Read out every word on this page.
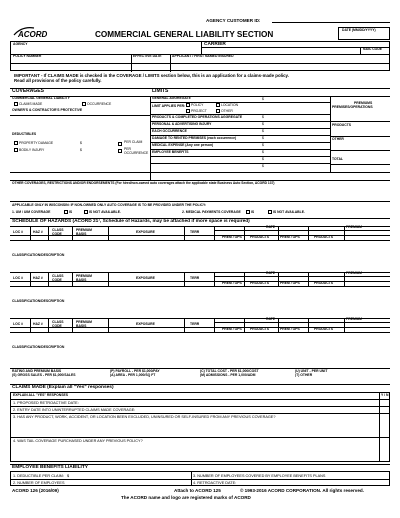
AGENCY CUSTOMER ID:
ACORD	COMMERCIAL GENERAL LIABILITY SECTION	DATE (MM/DD/YYYY)
AGENCY	CARRIER
NAIC CODE
POLICY NUMBER	EFFECTIVE DATE	APPLICANT / FIRST NAMED INSURED
IMPORTANT - If CLAIMS MADE is checked in the COVERAGE / LIMITS section below, this is an application for a claims-made policy.
Read all provisions of the policy carefully.
COVERAGES	LIMITS
COMMERCIAL GENERAL LIABILITY
CLAIMS MADE	OCCURRENCE
OWNER'S & CONTRACTOR'S PROTECTIVE
DEDUCTIBLES
PROPERTY DAMAGE	$
BODILY INJURY	$
PER CLAIM
PER OCCURRENCE
GENERAL AGGREGATE	$
LIMIT APPLIES PER:	POLICY	LOCATION
PROJECT	OTHER
PRODUCTS & COMPLETED OPERATIONS AGGREGATE	$
PERSONAL & ADVERTISING INJURY	$
EACH OCCURRENCE	$
DAMAGE TO RENTED PREMISES (each occurrence)	$
MEDICAL EXPENSE (Any one person)	$
EMPLOYEE BENEFITS	$
$
$
PREMIUMS
PREMISES/OPERATIONS
PRODUCTS
OTHER
TOTAL
OTHER COVERAGES, RESTRICTIONS AND/OR ENDORSEMENTS (For hired/non-owned auto coverages attach the applicable state Business Auto Section, ACORD 137)
APPLICABLE ONLY IN WISCONSIN: IF NON-OWNED ONLY AUTO COVERAGE IS TO BE PROVIDED UNDER THE POLICY:
1. UM / UIM COVERAGE	IS	IS NOT AVAILABLE.	2. MEDICAL PAYMENTS COVERAGE	IS	IS NOT AVAILABLE.
SCHEDULE OF HAZARDS (ACORD 21¹, Schedule of Hazards, may be attached if more space is required)
LOC #	HAZ #	CLASS CODE
PREMIUM BASIS	EXPOSURE	TERR
RATE	PREMIUM
PREM / OPS PRODUCTS	PREM / OPS	PRODUCTS
CLASSIFICATION/DESCRIPTION
LOC #	HAZ #	CLASS CODE
PREMIUM BASIS	EXPOSURE	TERR
RATE	PREMIUM
PREM / OPS PRODUCTS	PREM / OPS	PRODUCTS
CLASSIFICATION/DESCRIPTION
LOC #	HAZ #	CLASS CODE
PREMIUM BASIS	EXPOSURE	TERR
RATE	PREMIUM
PREM / OPS PRODUCTS	PREM / OPS	PRODUCTS
CLASSIFICATION/DESCRIPTION
RATING AND PREMIUM BASIS
(S) GROSS SALES - PER $1,000/SALES
(P) PAYROLL - PER $1,000/PAY
(A) AREA - PER 1,000/SQ FT
(C) TOTAL COST - PER $1,000/COST
(M) ADMISSIONS - PER 1,000/ADM
(U) UNIT - PER UNIT
(T) OTHER
CLAIMS MADE (Explain all "Yes" responses)
EXPLAIN ALL "YES" RESPONSES	Y / N
1. PROPOSED RETROACTIVE DATE:
2. ENTRY DATE INTO UNINTERRUPTED CLAIMS MADE COVERAGE:
3. HAS ANY PRODUCT, WORK, ACCIDENT, OR LOCATION BEEN EXCLUDED, UNINSURED OR SELF-INSURED FROM ANY PREVIOUS COVERAGE?
4. WAS TAIL COVERAGE PURCHASED UNDER ANY PREVIOUS POLICY?
EMPLOYEE BENEFITS LIABILITY
1. DEDUCTIBLE PER CLAIM: $
2. NUMBER OF EMPLOYEES
3. NUMBER OF EMPLOYEES COVERED BY EMPLOYEE BENEFITS PLANS
4. RETROACTIVE DATE:
ACORD 126 (2016/09)	Attach to ACORD 125	© 1993-2016 ACORD CORPORATION. All rights reserved.
The ACORD name and logo are registered marks of ACORD
